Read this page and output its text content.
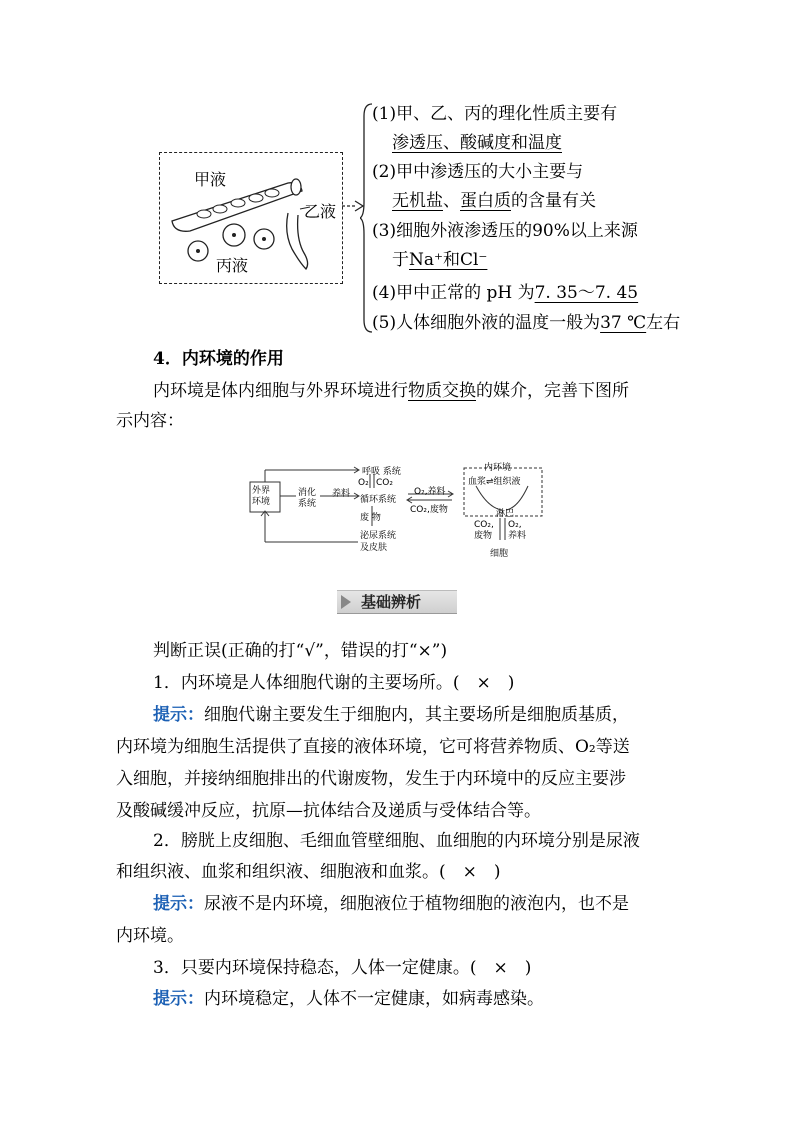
甲液
乙液
丙液
(1)甲、乙、丙的理化性质主要有
渗透压、酸碱度和温度
(2)甲中渗透压的大小主要与
无机盐、蛋白质的含量有关
(3)细胞外液渗透压的90%以上来源
于Na⁺和Cl⁻
(4)甲中正常的 pH 为7. 35～7. 45
(5)人体细胞外液的温度一般为37 ℃左右
4．内环境的作用
内环境是体内细胞与外界环境进行物质交换的媒介，完善下图所
示内容：
外界
环境
消化
系统
养料
呼吸 系统
O₂ CO₂
循环系统
废 物
泌尿系统
及皮肤
O₂,养料
CO₂,废物
内环境
血浆⇌组织液
淋巴
CO₂,
废物
O₂,
养料
细胞
基础辨析
判断正误(正确的打“√”，错误的打“×”)
1．内环境是人体细胞代谢的主要场所。(　×　)
提示：细胞代谢主要发生于细胞内，其主要场所是细胞质基质，
内环境为细胞生活提供了直接的液体环境，它可将营养物质、O₂等送
入细胞，并接纳细胞排出的代谢废物，发生于内环境中的反应主要涉
及酸碱缓冲反应，抗原—抗体结合及递质与受体结合等。
2．膀胱上皮细胞、毛细血管壁细胞、血细胞的内环境分别是尿液
和组织液、血浆和组织液、细胞液和血浆。(　×　)
提示：尿液不是内环境，细胞液位于植物细胞的液泡内，也不是
内环境。
3．只要内环境保持稳态，人体一定健康。(　×　)
提示：内环境稳定，人体不一定健康，如病毒感染。
